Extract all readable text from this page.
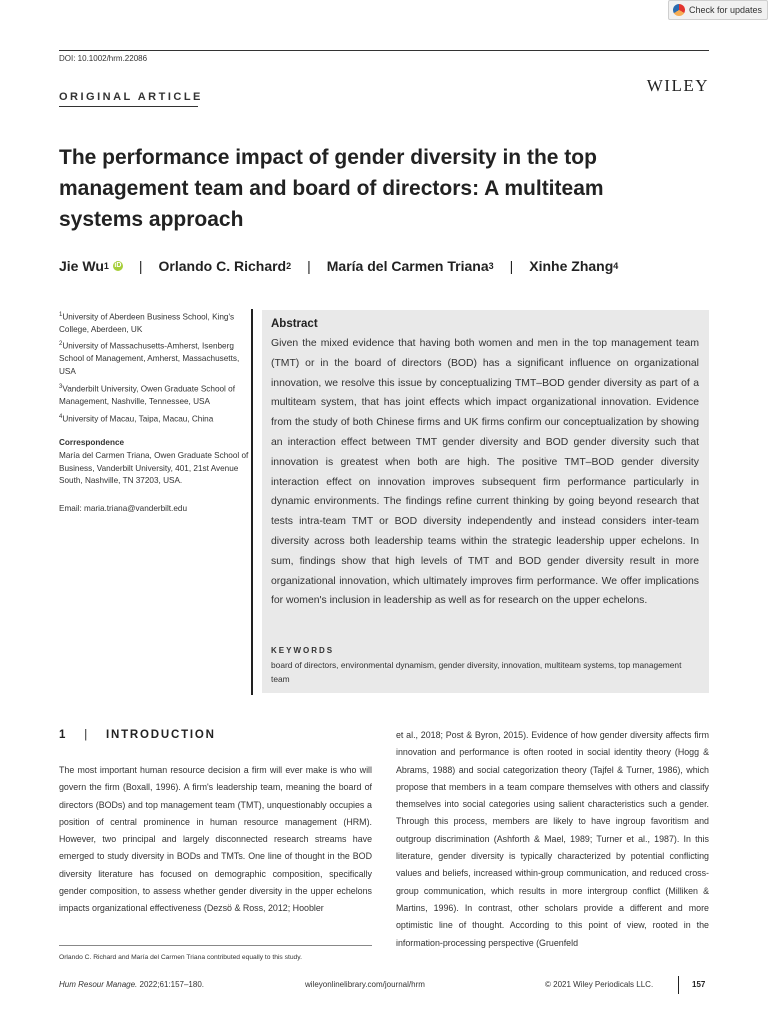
Check for updates
DOI: 10.1002/hrm.22086
ORIGINAL ARTICLE
WILEY
The performance impact of gender diversity in the top management team and board of directors: A multiteam systems approach
Jie Wu 1 iD | Orlando C. Richard 2 | María del Carmen Triana 3 | Xinhe Zhang 4
$^1$University of Aberdeen Business School, King's College, Aberdeen, UK
$^2$University of Massachusetts-Amherst, Isenberg School of Management, Amherst, Massachusetts, USA
$^3$Vanderbilt University, Owen Graduate School of Management, Nashville, Tennessee, USA
$^4$University of Macau, Taipa, Macau, China
Correspondence
María del Carmen Triana, Owen Graduate School of Business, Vanderbilt University, 401, 21st Avenue South, Nashville, TN 37203, USA.
Email: maria.triana@vanderbilt.edu
Abstract

Given the mixed evidence that having both women and men in the top management team (TMT) or in the board of directors (BOD) has a significant influence on organizational innovation, we resolve this issue by conceptualizing TMT–BOD gender diversity as part of a multiteam system, that has joint effects which impact organizational innovation. Evidence from the study of both Chinese firms and UK firms confirm our conceptualization by showing an interaction effect between TMT gender diversity and BOD gender diversity such that innovation is greatest when both are high. The positive TMT–BOD gender diversity interaction effect on innovation improves subsequent firm performance particularly in dynamic environments. The findings refine current thinking by going beyond research that tests intra-team TMT or BOD diversity independently and instead considers inter-team diversity across both leadership teams within the strategic leadership upper echelons. In sum, findings show that high levels of TMT and BOD gender diversity result in more organizational innovation, which ultimately improves firm performance. We offer implications for women's inclusion in leadership as well as for research on the upper echelons.

KEYWORDS

board of directors, environmental dynamism, gender diversity, innovation, multiteam systems, top management team

1 | INTRODUCTION

The most important human resource decision a firm will ever make is who will govern the firm (Boxall, 1996). A firm's leadership team, meaning the board of directors (BODs) and top management team (TMT), unquestionably occupies a position of central prominence in human resource management (HRM). However, two principal and largely disconnected research streams have emerged to study diversity in BODs and TMTs. One line of thought in the BOD diversity literature has focused on demographic composition, specifically gender composition, to assess whether gender diversity in the upper echelons impacts organizational effectiveness (Dezsö & Ross, 2012; Hoobler

et al., 2018; Post & Byron, 2015). Evidence of how gender diversity affects firm innovation and performance is often rooted in social identity theory (Hogg & Abrams, 1988) and social categorization theory (Tajfel & Turner, 1986), which propose that members in a team compare themselves with others and classify themselves into social categories using salient characteristics such a gender. Through this process, members are likely to have ingroup favoritism and outgroup discrimination (Ashforth & Mael, 1989; Turner et al., 1987). In this literature, gender diversity is typically characterized by potential conflicting values and beliefs, increased within-group communication, and reduced cross-group communication, which results in more intergroup conflict (Milliken & Martins, 1996). In contrast, other scholars provide a different and more optimistic line of thought. According to this point of view, rooted in the information-processing perspective (Gruenfeld

Orlando C. Richard and María del Carmen Triana contributed equally to this study.
Hum Resour Manage. 2022;61:157–180.	wileyonlinelibrary.com/journal/hrm	© 2021 Wiley Periodicals LLC.	157
